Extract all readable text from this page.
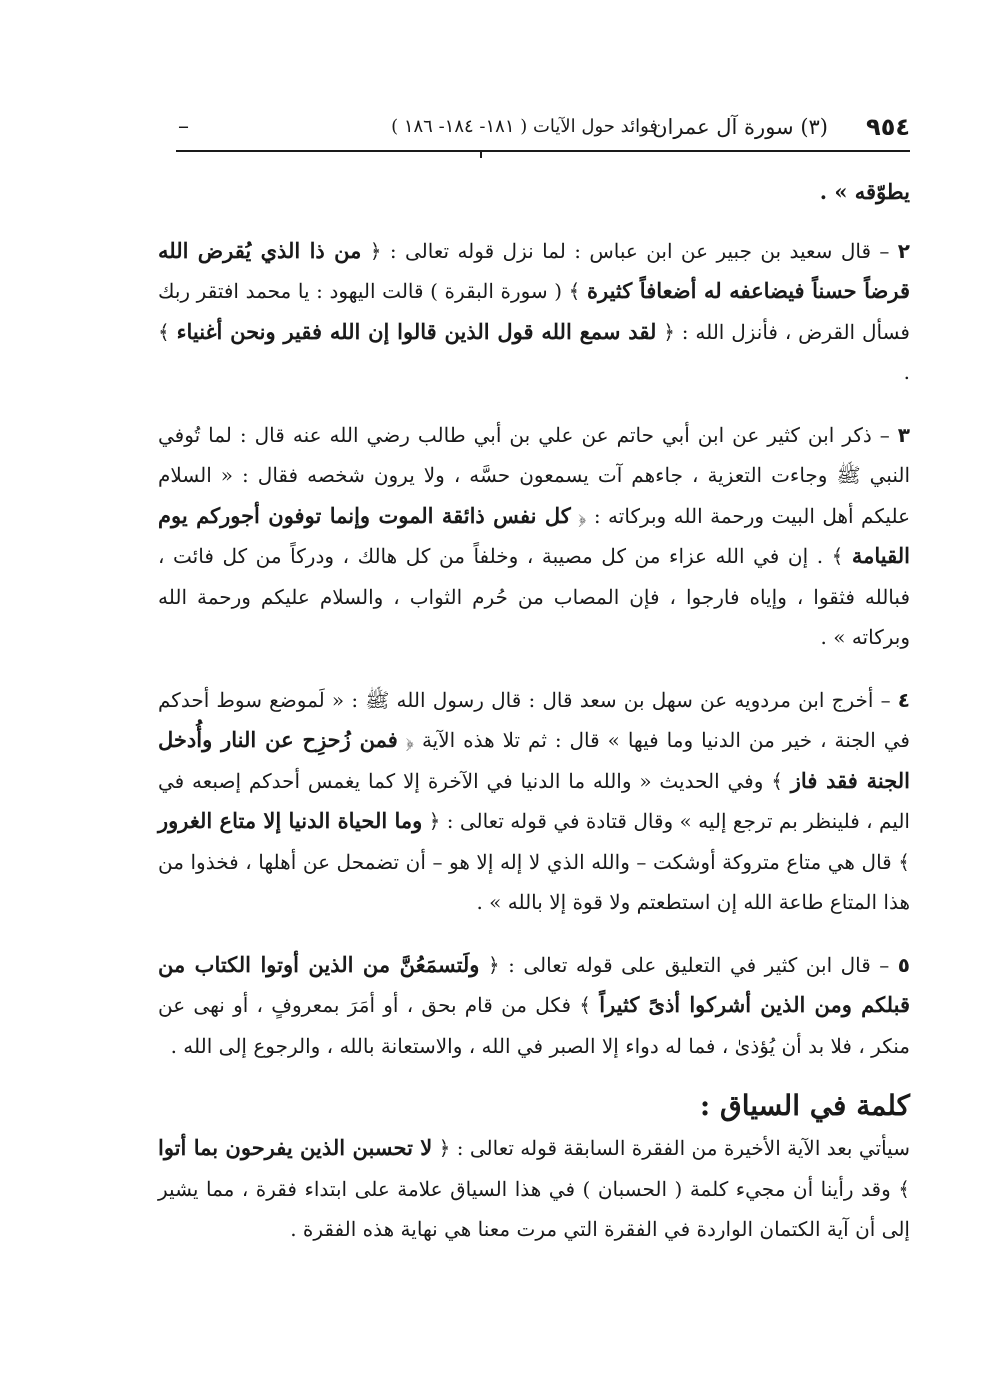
٩٥٤
(٣) سورة آل عمران
فوائد حول الآيات ( ١٨١- ١٨٤- ١٨٦ )
–

يطوّقه » .

٢ – قال سعيد بن جبير عن ابن عباس : لما نزل قوله تعالى : ﴿ من ذا الذي يُقرض الله قرضاً حسناً فيضاعفه له أضعافاً كثيرة ﴾ ( سورة البقرة ) قالت اليهود : يا محمد افتقر ربك فسأل القرض ، فأنزل الله : ﴿ لقد سمع الله قول الذين قالوا إن الله فقير ونحن أغنياء ﴾ .

٣ – ذكر ابن كثير عن ابن أبي حاتم عن علي بن أبي طالب رضي الله عنه قال : لما تُوفي النبي ﷺ وجاءت التعزية ، جاءهم آت يسمعون حسَّه ، ولا يرون شخصه فقال : « السلام عليكم أهل البيت ورحمة الله وبركاته : ﴿ كل نفس ذائقة الموت وإنما توفون أجوركم يوم القيامة ﴾ . إن في الله عزاء من كل مصيبة ، وخلفاً من كل هالك ، ودركاً من كل فائت ، فبالله فثقوا ، وإياه فارجوا ، فإن المصاب من حُرم الثواب ، والسلام عليكم ورحمة الله وبركاته » .

٤ – أخرج ابن مردويه عن سهل بن سعد قال : قال رسول الله ﷺ : « لَموضع سوط أحدكم في الجنة ، خير من الدنيا وما فيها » قال : ثم تلا هذه الآية ﴿ فمن زُحزِح عن النار وأُدخل الجنة فقد فاز ﴾ وفي الحديث « والله ما الدنيا في الآخرة إلا كما يغمس أحدكم إصبعه في اليم ، فلينظر بم ترجع إليه » وقال قتادة في قوله تعالى : ﴿ وما الحياة الدنيا إلا متاع الغرور ﴾ قال هي متاع متروكة أوشكت – والله الذي لا إله إلا هو – أن تضمحل عن أهلها ، فخذوا من هذا المتاع طاعة الله إن استطعتم ولا قوة إلا بالله » .

٥ – قال ابن كثير في التعليق على قوله تعالى : ﴿ ولَتسمَعُنَّ من الذين أوتوا الكتاب من قبلكم ومن الذين أشركوا أذىً كثيراً ﴾ فكل من قام بحق ، أو أمَرَ بمعروفٍ ، أو نهى عن منكر ، فلا بد أن يُؤذىٰ ، فما له دواء إلا الصبر في الله ، والاستعانة بالله ، والرجوع إلى الله .

كلمة في السياق :

سيأتي بعد الآية الأخيرة من الفقرة السابقة قوله تعالى : ﴿ لا تحسبن الذين يفرحون بما أتوا ﴾ وقد رأينا أن مجيء كلمة ( الحسبان ) في هذا السياق علامة على ابتداء فقرة ، مما يشير إلى أن آية الكتمان الواردة في الفقرة التي مرت معنا هي نهاية هذه الفقرة .
